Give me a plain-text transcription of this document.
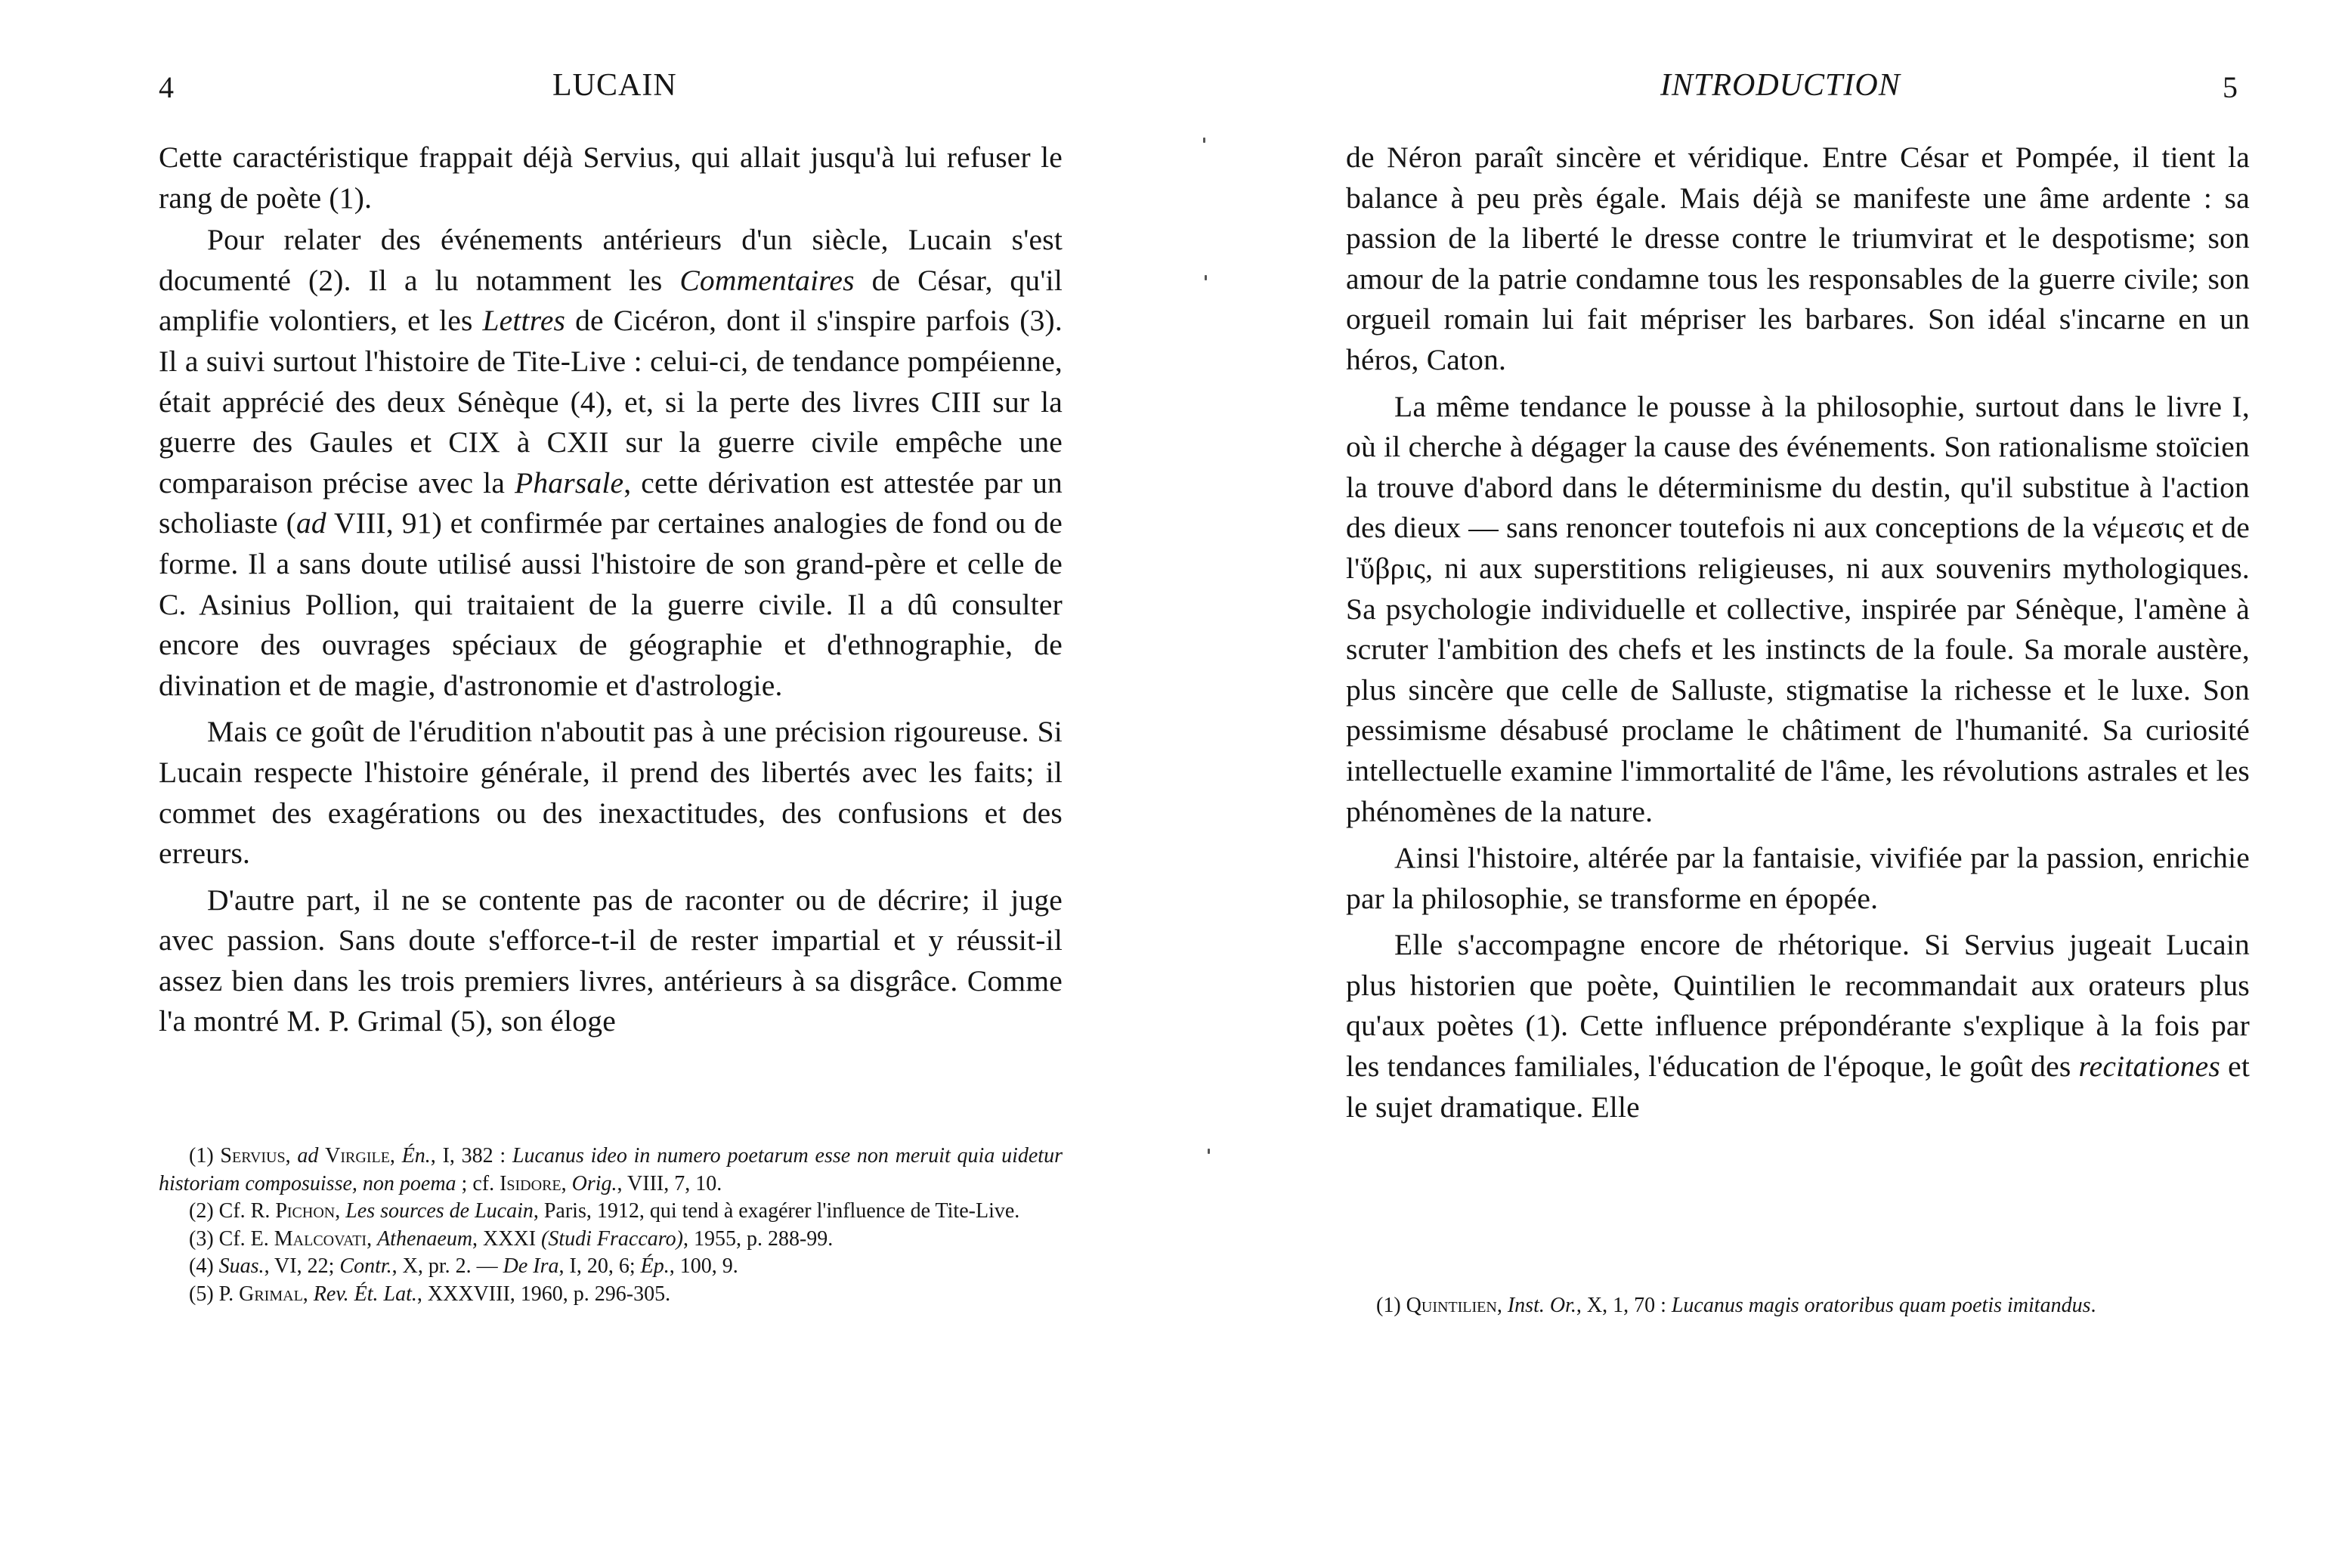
4	LUCAIN

Cette caractéristique frappait déjà Servius, qui allait jusqu'à lui refuser le rang de poète (1).

Pour relater des événements antérieurs d'un siècle, Lucain s'est documenté (2). Il a lu notamment les Commentaires de César, qu'il amplifie volontiers, et les Lettres de Cicéron, dont il s'inspire parfois (3). Il a suivi surtout l'histoire de Tite-Live : celui-ci, de tendance pompéienne, était apprécié des deux Sénèque (4), et, si la perte des livres CIII sur la guerre des Gaules et CIX à CXII sur la guerre civile empêche une comparaison précise avec la Pharsale, cette dérivation est attestée par un scholiaste (ad VIII, 91) et confirmée par certaines analogies de fond ou de forme. Il a sans doute utilisé aussi l'histoire de son grand-père et celle de C. Asinius Pollion, qui traitaient de la guerre civile. Il a dû consulter encore des ouvrages spéciaux de géographie et d'ethnographie, de divination et de magie, d'astronomie et d'astrologie.

Mais ce goût de l'érudition n'aboutit pas à une précision rigoureuse. Si Lucain respecte l'histoire générale, il prend des libertés avec les faits; il commet des exagérations ou des inexactitudes, des confusions et des erreurs.

D'autre part, il ne se contente pas de raconter ou de décrire; il juge avec passion. Sans doute s'efforce-t-il de rester impartial et y réussit-il assez bien dans les trois premiers livres, antérieurs à sa disgrâce. Comme l'a montré M. P. Grimal (5), son éloge

(1) Servius, ad Virgile, Én., I, 382 : Lucanus ideo in numero poetarum esse non meruit quia uidetur historiam composuisse, non poema ; cf. Isidore, Orig., VIII, 7, 10.

(2) Cf. R. Pichon, Les sources de Lucain, Paris, 1912, qui tend à exagérer l'influence de Tite-Live.

(3) Cf. E. Malcovati, Athenaeum, XXXI (Studi Fraccaro), 1955, p. 288-99.

(4) Suas., VI, 22; Contr., X, pr. 2. — De Ira, I, 20, 6; Ép., 100, 9.

(5) P. Grimal, Rev. Ét. Lat., XXXVIII, 1960, p. 296-305.

INTRODUCTION	5

de Néron paraît sincère et véridique. Entre César et Pompée, il tient la balance à peu près égale. Mais déjà se manifeste une âme ardente : sa passion de la liberté le dresse contre le triumvirat et le despotisme; son amour de la patrie condamne tous les responsables de la guerre civile; son orgueil romain lui fait mépriser les barbares. Son idéal s'incarne en un héros, Caton.

La même tendance le pousse à la philosophie, surtout dans le livre I, où il cherche à dégager la cause des événements. Son rationalisme stoïcien la trouve d'abord dans le déterminisme du destin, qu'il substitue à l'action des dieux — sans renoncer toutefois ni aux conceptions de la νέμεσις et de l'ὕβρις, ni aux superstitions religieuses, ni aux souvenirs mythologiques. Sa psychologie individuelle et collective, inspirée par Sénèque, l'amène à scruter l'ambition des chefs et les instincts de la foule. Sa morale austère, plus sincère que celle de Salluste, stigmatise la richesse et le luxe. Son pessimisme désabusé proclame le châtiment de l'humanité. Sa curiosité intellectuelle examine l'immortalité de l'âme, les révolutions astrales et les phénomènes de la nature.

Ainsi l'histoire, altérée par la fantaisie, vivifiée par la passion, enrichie par la philosophie, se transforme en épopée.

Elle s'accompagne encore de rhétorique. Si Servius jugeait Lucain plus historien que poète, Quintilien le recommandait aux orateurs plus qu'aux poètes (1). Cette influence prépondérante s'explique à la fois par les tendances familiales, l'éducation de l'époque, le goût des recitationes et le sujet dramatique. Elle

(1) Quintilien, Inst. Or., X, 1, 70 : Lucanus magis oratoribus quam poetis imitandus.
